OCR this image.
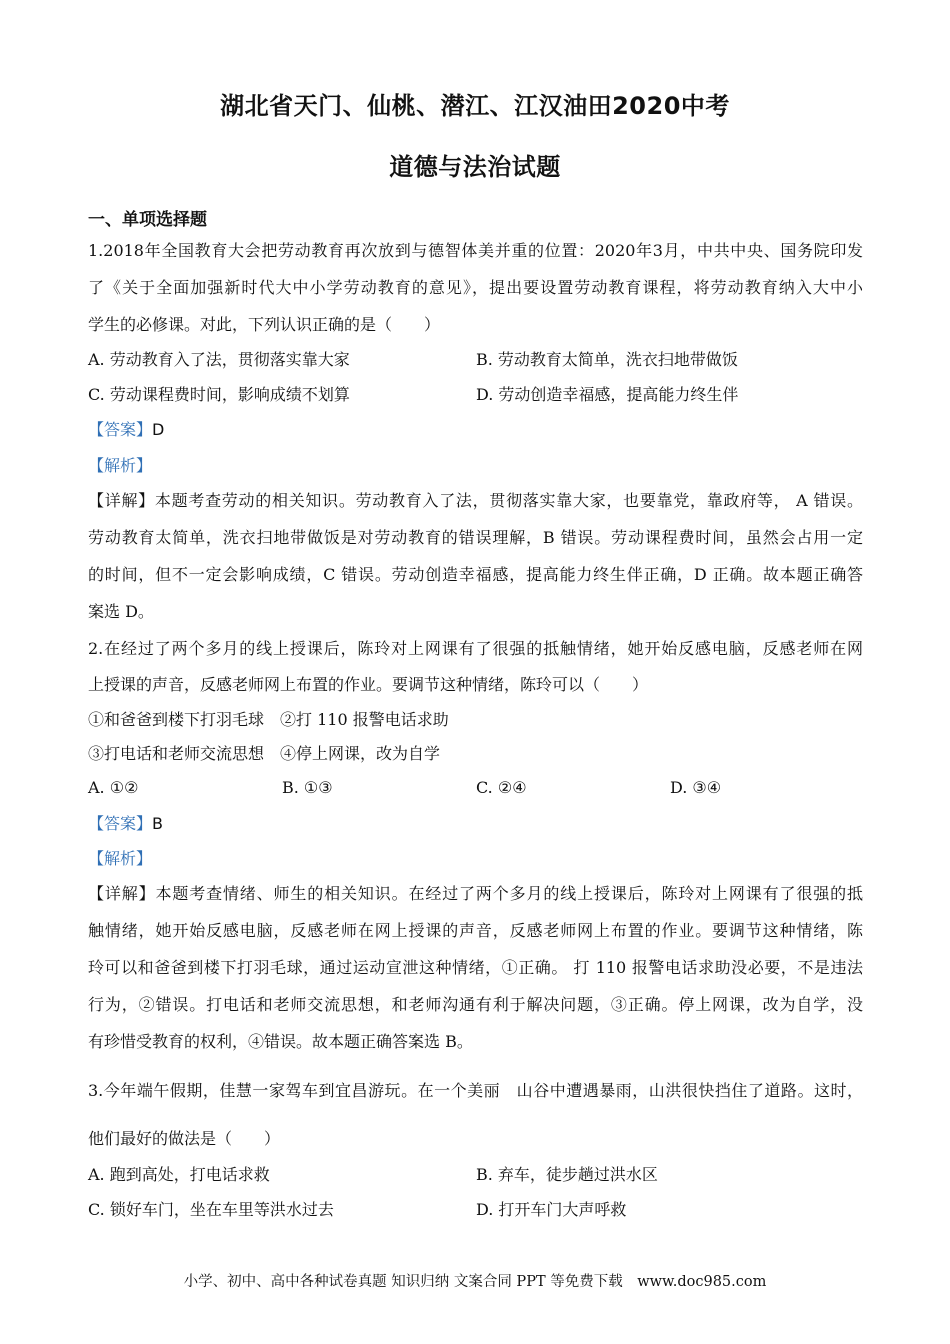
湖北省天门、仙桃、潜江、江汉油田2020中考
道德与法治试题
一、单项选择题
1.2018年全国教育大会把劳动教育再次放到与德智体美并重的位置：2020年3月，中共中央、国务院印发
了《关于全面加强新时代大中小学劳动教育的意见》，提出要设置劳动教育课程，将劳动教育纳入大中小
学生的必修课。对此，下列认识正确的是（　　）
A. 劳动教育入了法，贯彻落实靠大家	B. 劳动教育太简单，洗衣扫地带做饭
C. 劳动课程费时间，影响成绩不划算	D. 劳动创造幸福感，提高能力终生伴
【答案】D
【解析】
【详解】本题考查劳动的相关知识。劳动教育入了法，贯彻落实靠大家，也要靠党，靠政府等， A 错误。
劳动教育太简单，洗衣扫地带做饭是对劳动教育的错误理解，B 错误。劳动课程费时间，虽然会占用一定
的时间，但不一定会影响成绩，C 错误。劳动创造幸福感，提高能力终生伴正确，D 正确。故本题正确答
案选 D。
2.在经过了两个多月的线上授课后，陈玲对上网课有了很强的抵触情绪，她开始反感电脑，反感老师在网
上授课的声音，反感老师网上布置的作业。要调节这种情绪，陈玲可以（　　）
①和爸爸到楼下打羽毛球　②打 110 报警电话求助
③打电话和老师交流思想　④停上网课，改为自学
A. ①②	B. ①③	C. ②④	D. ③④
【答案】B
【解析】
【详解】本题考查情绪、师生的相关知识。在经过了两个多月的线上授课后，陈玲对上网课有了很强的抵
触情绪，她开始反感电脑，反感老师在网上授课的声音，反感老师网上布置的作业。要调节这种情绪，陈
玲可以和爸爸到楼下打羽毛球，通过运动宣泄这种情绪，①正确。 打 110 报警电话求助没必要，不是违法
行为，②错误。打电话和老师交流思想，和老师沟通有利于解决问题，③正确。停上网课，改为自学，没
有珍惜受教育的权利，④错误。故本题正确答案选 B。
3.今年端午假期，佳慧一家驾车到宜昌游玩。在一个美丽　山谷中遭遇暴雨，山洪很快挡住了道路。这时，
他们最好的做法是（　　）
A. 跑到高处，打电话求救	B. 弃车，徒步趟过洪水区
C. 锁好车门，坐在车里等洪水过去	D. 打开车门大声呼救
小学、初中、高中各种试卷真题 知识归纳 文案合同 PPT 等免费下载　www.doc985.com
